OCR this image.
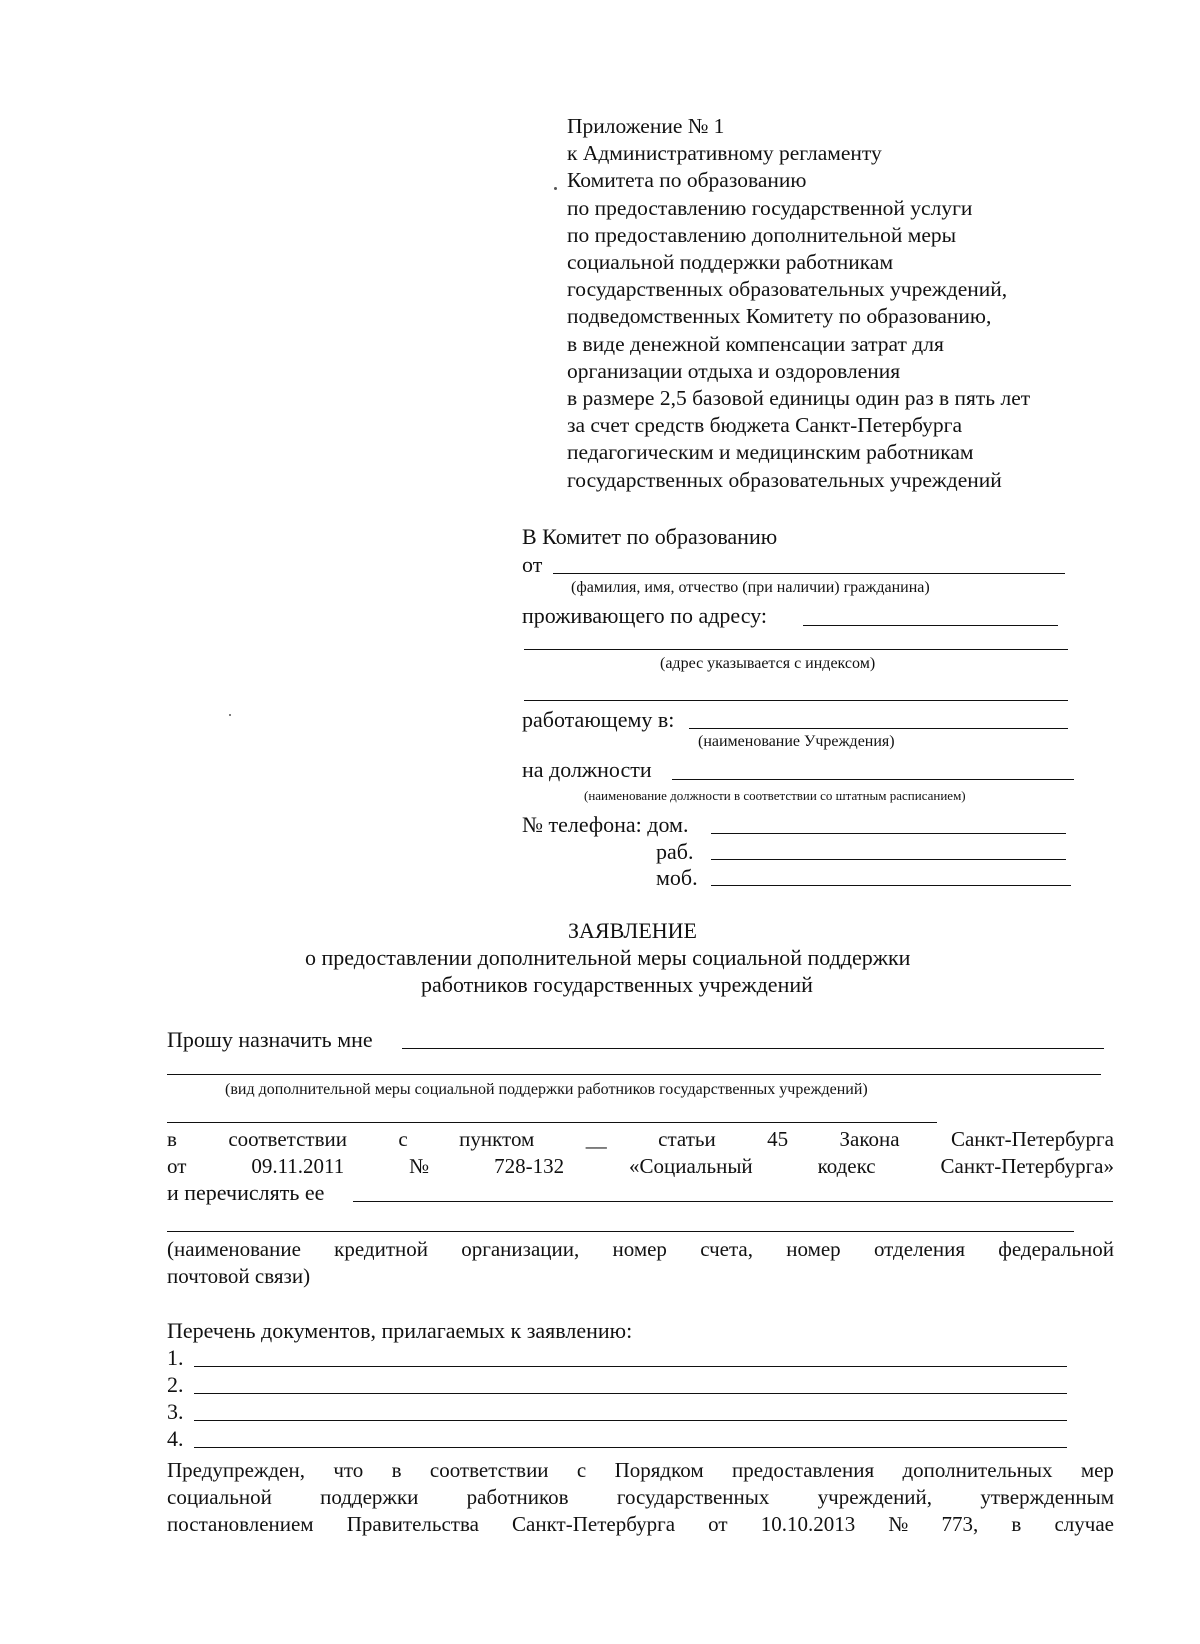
Приложение № 1
к Административному регламенту
Комитета по образованию
по предоставлению государственной услуги
по предоставлению дополнительной меры
социальной поддержки работникам
государственных образовательных учреждений,
подведомственных Комитету по образованию,
в виде денежной компенсации затрат для
организации отдыха и оздоровления
в размере 2,5 базовой единицы один раз в пять лет
за счет средств бюджета Санкт-Петербурга
педагогическим и медицинским работникам
государственных образовательных учреждений
В Комитет по образованию
от
(фамилия, имя, отчество (при наличии) гражданина)
проживающего по адресу:
(адрес указывается с индексом)
работающему в:
(наименование Учреждения)
на должности
(наименование должности в соответствии со штатным расписанием)
№ телефона: дом.
раб.
моб.
ЗАЯВЛЕНИЕ
о предоставлении дополнительной меры социальной поддержки
работников государственных учреждений
Прошу назначить мне
(вид дополнительной меры социальной поддержки работников государственных учреждений)
в соответствии с пунктом __ статьи 45 Закона Санкт-Петербурга
от	09.11.2011	№	728-132	«Социальный	кодекс	Санкт-Петербурга»
и перечислять ее
(наименование кредитной организации, номер счета, номер отделения федеральной
почтовой связи)
Перечень документов, прилагаемых к заявлению:
1.
2.
3.
4.
Предупрежден, что в соответствии с Порядком предоставления дополнительных мер
социальной поддержки работников государственных учреждений, утвержденным
постановлением Правительства Санкт-Петербурга от 10.10.2013 № 773, в случае
